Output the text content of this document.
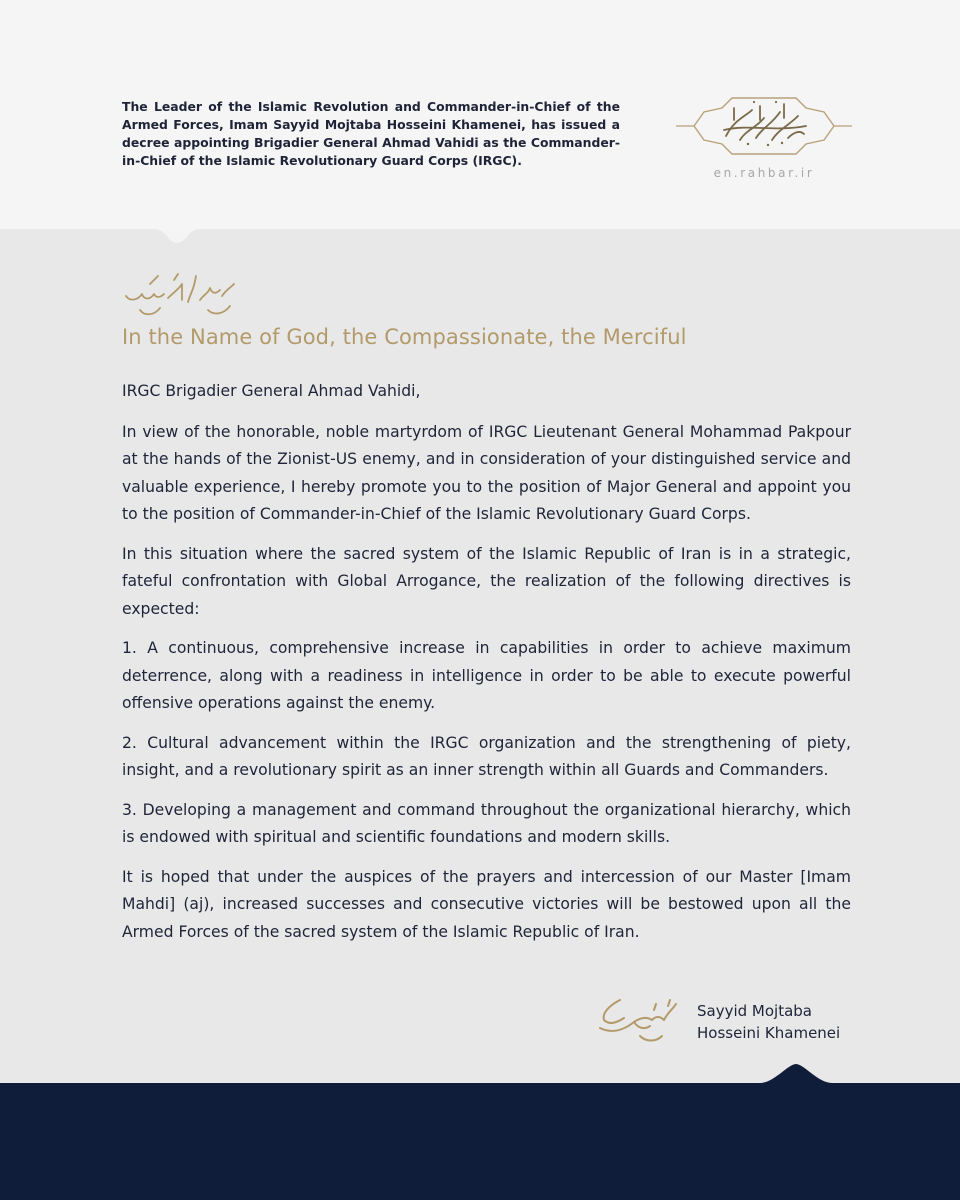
The Leader of the Islamic Revolution and Commander-in-Chief of the Armed Forces, Imam Sayyid Mojtaba Hosseini Khamenei, has issued a decree appointing Brigadier General Ahmad Vahidi as the Commander-in-Chief of the Islamic Revolutionary Guard Corps (IRGC).
en.rahbar.ir
In the Name of God, the Compassionate, the Merciful

IRGC Brigadier General Ahmad Vahidi,

In view of the honorable, noble martyrdom of IRGC Lieutenant General Mohammad Pakpour at the hands of the Zionist-US enemy, and in consideration of your distinguished service and valuable experience, I hereby promote you to the position of Major General and appoint you to the position of Commander-in-Chief of the Islamic Revolutionary Guard Corps.

In this situation where the sacred system of the Islamic Republic of Iran is in a strategic, fateful confrontation with Global Arrogance, the realization of the following directives is expected:

1. A continuous, comprehensive increase in capabilities in order to achieve maximum deterrence, along with a readiness in intelligence in order to be able to execute powerful offensive operations against the enemy.

2. Cultural advancement within the IRGC organization and the strengthening of piety, insight, and a revolutionary spirit as an inner strength within all Guards and Commanders.

3. Developing a management and command throughout the organizational hierarchy, which is endowed with spiritual and scientific foundations and modern skills.

It is hoped that under the auspices of the prayers and intercession of our Master [Imam Mahdi] (aj), increased successes and consecutive victories will be bestowed upon all the Armed Forces of the sacred system of the Islamic Republic of Iran.

Sayyid Mojtaba
Hosseini Khamenei
